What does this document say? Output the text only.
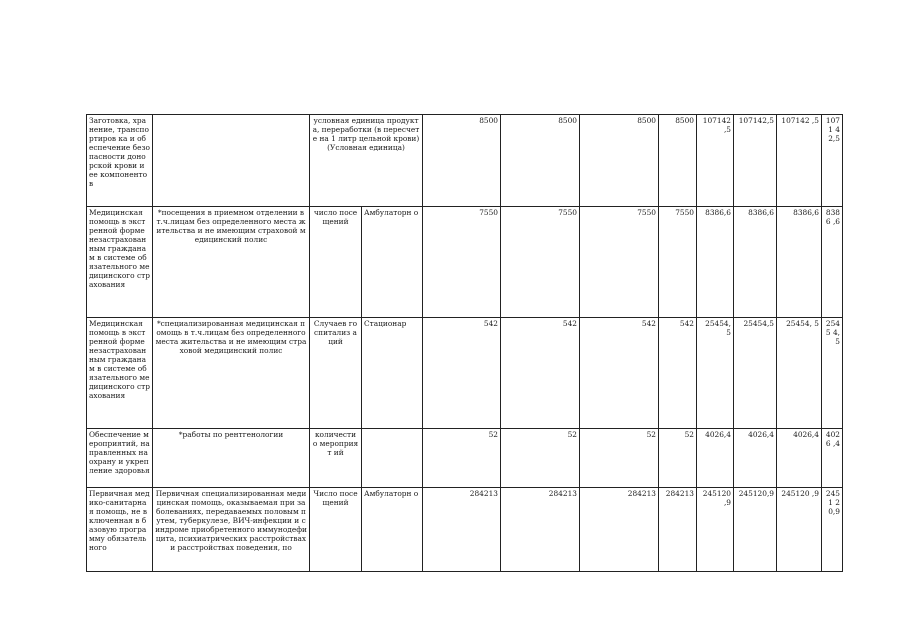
Заготовка, хранение, транспортиров ка и обеспечение безопасности донорской крови и ее компонентов		условная единица продукта, переработки (в пересчете на 1 литр цельной крови) (Условная единица)		8500	8500	8500	8500	107142 ,5	107142,5	107142 ,5	1071 42,5

Медицинская помощь в экстренной форме незастрахован ным гражданам в системе обязательного медицинского страхования	*посещения в приемном отделении в т.ч.лицам без определенного места жительства и не имеющим страховой медицинский полис	число посещений	Амбулаторн о	7550	7550	7550	7550	8386,6	8386,6	8386,6	8386 ,6

Медицинская помощь в экстренной форме незастрахован ным гражданам в системе обязательного медицинского страхования	*специализированная медицинская помощь в т.ч.лицам без определенного места жительства и не имеющим страховой медицинский полис	Случаев госпитализ аций	Стационар	542	542	542	542	25454, 5	25454,5	25454, 5	2545 4,5

Обеспечение мероприятий, направленных на охрану и укрепление здоровья	*работы по рентгенологии	количести о мероприят ий		52	52	52	52	4026,4	4026,4	4026,4	4026 ,4

Первичная медико-санитарная помощь, не включенная в базовую программу обязательного	Первичная специализированная медицинская помощь, оказываемая при заболеваниях, передаваемых половым путем, туберкулезе, ВИЧ-инфекции и синдроме приобретенного иммунодефицита, психиатрических расстройствах и расстройствах поведения, по	Число посещений	Амбулаторн о	284213	284213	284213	284213	245120 ,9	245120,9	245120 ,9	2451 20,9
